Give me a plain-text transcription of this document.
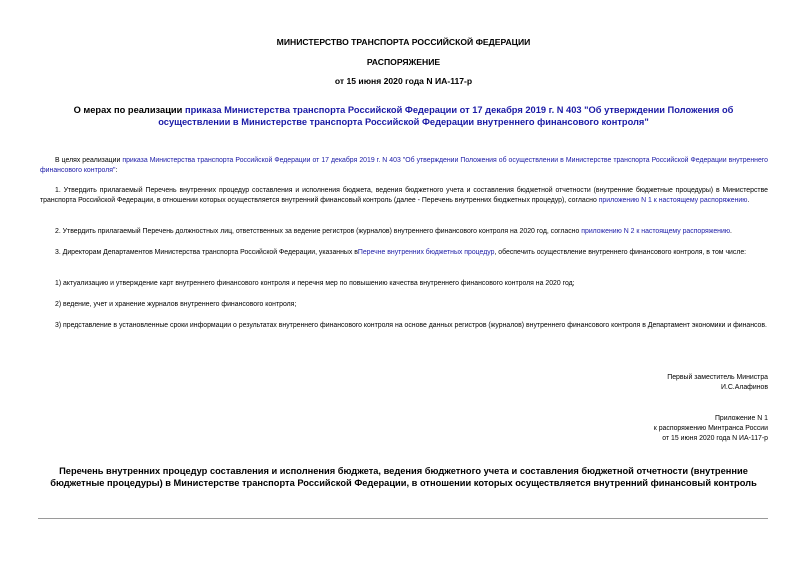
МИНИСТЕРСТВО ТРАНСПОРТА РОССИЙСКОЙ ФЕДЕРАЦИИ
РАСПОРЯЖЕНИЕ
от 15 июня 2020 года N ИА-117-р
О мерах по реализации приказа Министерства транспорта Российской Федерации от 17 декабря 2019 г. N 403 "Об утверждении Положения об осуществлении в Министерстве транспорта Российской Федерации внутреннего финансового контроля"
В целях реализации приказа Министерства транспорта Российской Федерации от 17 декабря 2019 г. N 403 "Об утверждении Положения об осуществлении в Министерстве транспорта Российской Федерации внутреннего финансового контроля":
1. Утвердить прилагаемый Перечень внутренних процедур составления и исполнения бюджета, ведения бюджетного учета и составления бюджетной отчетности (внутренние бюджетные процедуры) в Министерстве транспорта Российской Федерации, в отношении которых осуществляется внутренний финансовый контроль (далее - Перечень внутренних бюджетных процедур), согласно приложению N 1 к настоящему распоряжению.
2. Утвердить прилагаемый Перечень должностных лиц, ответственных за ведение регистров (журналов) внутреннего финансового контроля на 2020 год, согласно приложению N 2 к настоящему распоряжению.
3. Директорам Департаментов Министерства транспорта Российской Федерации, указанных вПеречне внутренних бюджетных процедур, обеспечить осуществление внутреннего финансового контроля, в том числе:
1) актуализацию и утверждение карт внутреннего финансового контроля и перечня мер по повышению качества внутреннего финансового контроля на 2020 год;
2) ведение, учет и хранение журналов внутреннего финансового контроля;
3) представление в установленные сроки информации о результатах внутреннего финансового контроля на основе данных регистров (журналов) внутреннего финансового контроля в Департамент экономики и финансов.
Первый заместитель Министра
И.С.Алафинов
Приложение N 1
к распоряжению Минтранса России
от 15 июня 2020 года N ИА-117-р
Перечень внутренних процедур составления и исполнения бюджета, ведения бюджетного учета и составления бюджетной отчетности (внутренние бюджетные процедуры) в Министерстве транспорта Российской Федерации, в отношении которых осуществляется внутренний финансовый контроль
